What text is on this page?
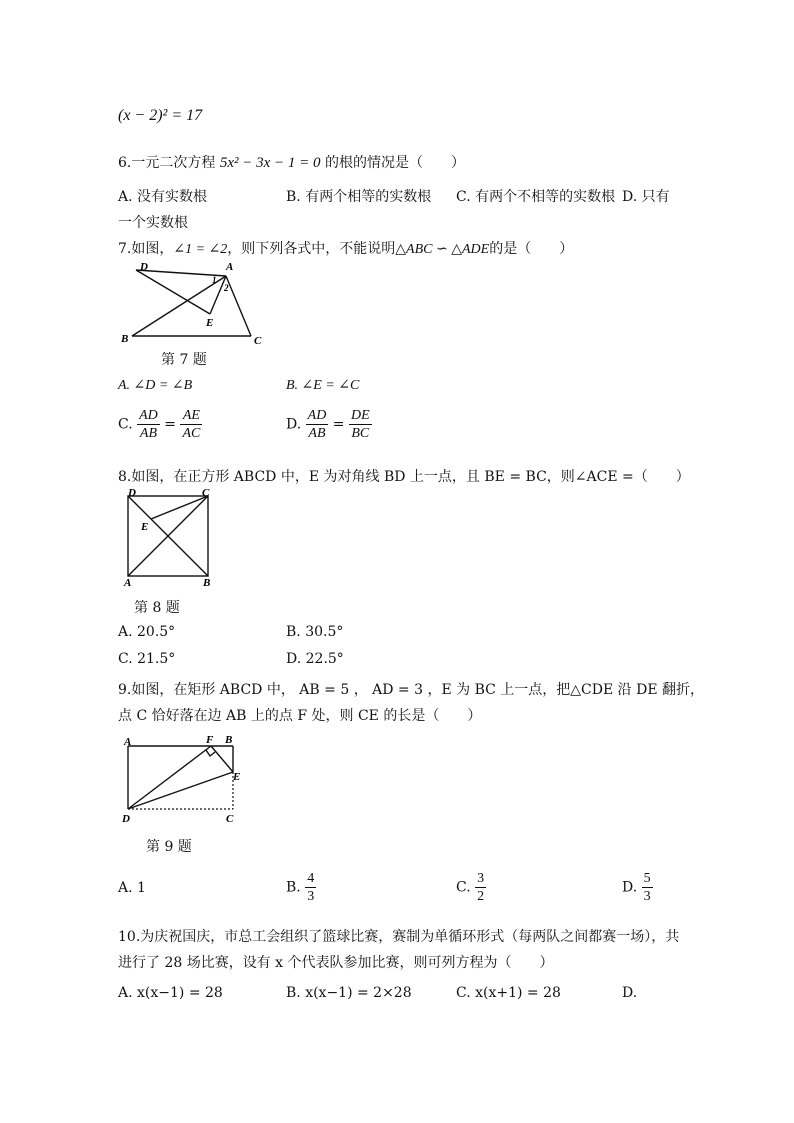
(x − 2)² = 17
6.一元二次方程 5x² − 3x − 1 = 0 的根的情况是（　　）
A. 没有实数根	B. 有两个相等的实数根 C. 有两个不相等的实数根 D. 只有
一个实数根
7.如图，∠1 = ∠2，则下列各式中，不能说明△ABC ∽ △ADE的是（　　）
D	A
1
2
E
B	C
第 7 题
A. ∠D = ∠B	B. ∠E = ∠C
C. $\frac{AD}{AB} = \frac{AE}{AC}$	D. $\frac{AD}{AB} = \frac{DE}{BC}$
8.如图，在正方形 ABCD 中，E 为对角线 BD 上一点，且 BE = BC，则∠ACE =（　　）
D	C
E
A	B
第 8 题
A. 20.5°	B. 30.5°
C. 21.5°	D. 22.5°
9.如图，在矩形 ABCD 中， AB = 5 ， AD = 3 ，E 为 BC 上一点，把△CDE 沿 DE 翻折，
点 C 恰好落在边 AB 上的点 F 处，则 CE 的长是（　　）
A	F B
E
D	C
第 9 题
A. 1	B. $\frac{4}{3}$	C. $\frac{3}{2}$	D. $\frac{5}{3}$
10.为庆祝国庆，市总工会组织了篮球比赛，赛制为单循环形式（每两队之间都赛一场），共
进行了 28 场比赛，设有 x 个代表队参加比赛，则可列方程为（　　）
A. x(x−1) = 28	B. x(x−1) = 2×28	C. x(x+1) = 28	D.
